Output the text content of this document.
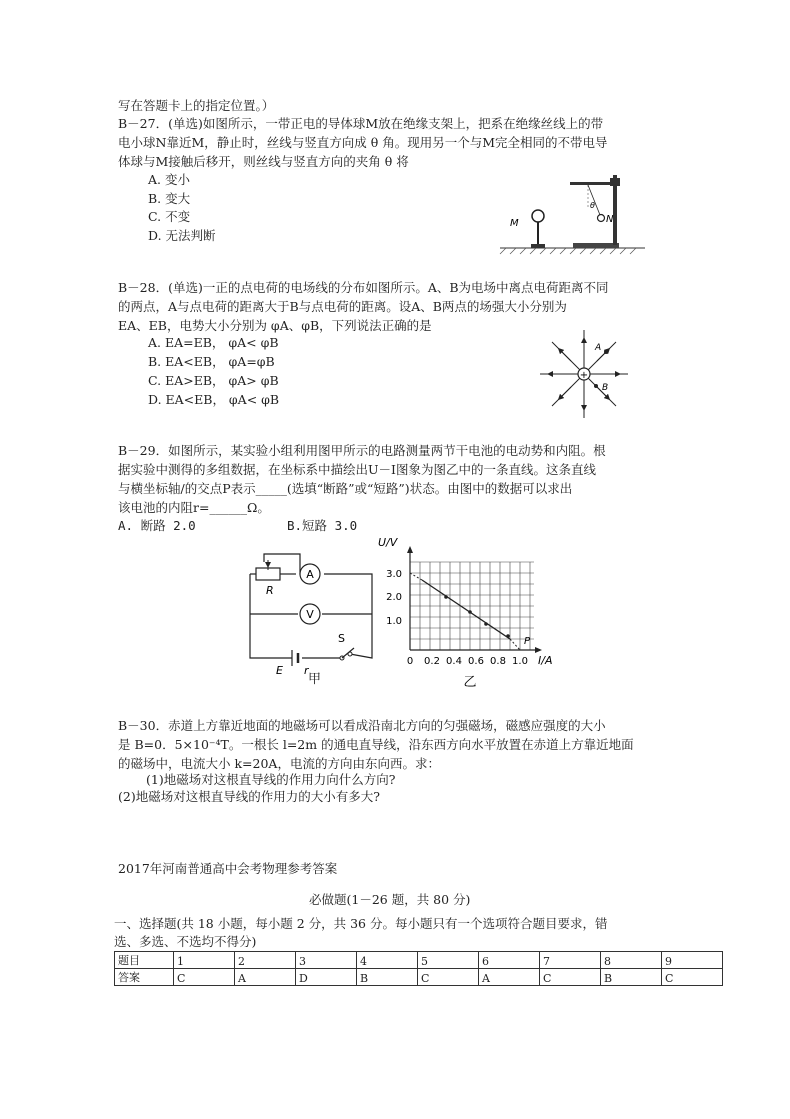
写在答题卡上的指定位置。）
B－27．(单选)如图所示，一带正电的导体球M放在绝缘支架上，把系在绝缘丝线上的带
电小球N靠近M，静止时，丝线与竖直方向成 θ 角。现用另一个与M完全相同的不带电导
体球与M接触后移开，则丝线与竖直方向的夹角 θ 将
A. 变小
B. 变大
C. 不变
D. 无法判断
M
θ
N
B－28．(单选)一正的点电荷的电场线的分布如图所示。A、B为电场中离点电荷距离不同
的两点，A与点电荷的距离大于B与点电荷的距离。设A、B两点的场强大小分别为
EA、EB，电势大小分别为 φA、φB，下列说法正确的是
A. EA=EB， φA< φB
B. EA<EB， φA=φB
C. EA>EB， φA> φB
D. EA<EB， φA< φB
+
A
B
B－29．如图所示，某实验小组利用图甲所示的电路测量两节干电池的电动势和内阻。根
据实验中测得的多组数据，在坐标系中描绘出U－I图象为图乙中的一条直线。这条直线
与横坐标轴/的交点P表示_____(选填“断路”或“短路”)状态。由图中的数据可以求出
该电池的内阻r=______Ω。
A. 断路 2.0	B.短路 3.0
A
V
R
S
E r
甲
U/V
I/A
3.0
2.0
1.0
0 0.2 0.4 0.6 0.8 1.0
P
乙
B－30．赤道上方靠近地面的地磁场可以看成沿南北方向的匀强磁场，磁感应强度的大小
是 B=0．5×10⁻⁴T。一根长 l=2m 的通电直导线，沿东西方向水平放置在赤道上方靠近地面
的磁场中，电流大小 k=20A，电流的方向由东向西。求：
(1)地磁场对这根直导线的作用力向什么方向?
(2)地磁场对这根直导线的作用力的大小有多大?
2017年河南普通高中会考物理参考答案
必做题(1－26 题，共 80 分)
一、选择题(共 18 小题，每小题 2 分，共 36 分。每小题只有一个选项符合题目要求，错
选、多选、不选均不得分)
题目	1	2	3	4	5	6	7	8	9
答案	C	A	D	B	C	A	C	B	C
